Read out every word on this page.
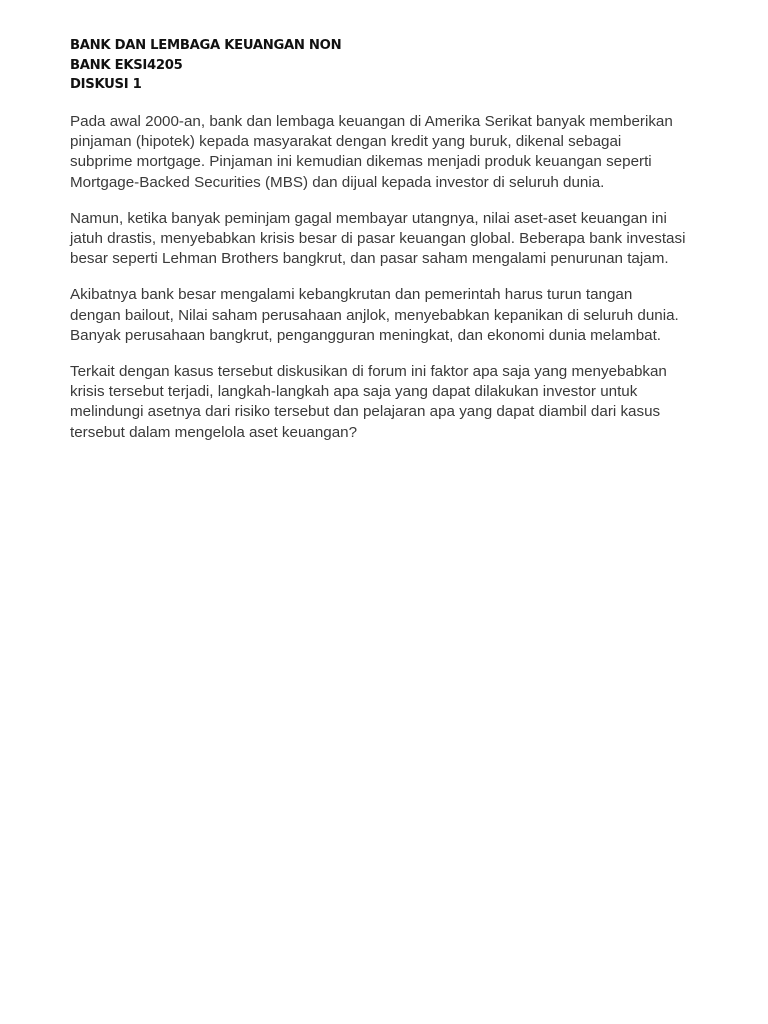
BANK DAN LEMBAGA KEUANGAN NON
BANK EKSI4205
DISKUSI 1

Pada awal 2000-an, bank dan lembaga keuangan di Amerika Serikat banyak memberikan
pinjaman (hipotek) kepada masyarakat dengan kredit yang buruk, dikenal sebagai
subprime mortgage. Pinjaman ini kemudian dikemas menjadi produk keuangan seperti
Mortgage-Backed Securities (MBS) dan dijual kepada investor di seluruh dunia.

Namun, ketika banyak peminjam gagal membayar utangnya, nilai aset-aset keuangan ini
jatuh drastis, menyebabkan krisis besar di pasar keuangan global. Beberapa bank investasi
besar seperti Lehman Brothers bangkrut, dan pasar saham mengalami penurunan tajam.

Akibatnya bank besar mengalami kebangkrutan dan pemerintah harus turun tangan
dengan bailout, Nilai saham perusahaan anjlok, menyebabkan kepanikan di seluruh dunia.
Banyak perusahaan bangkrut, pengangguran meningkat, dan ekonomi dunia melambat.

Terkait dengan kasus tersebut diskusikan di forum ini faktor apa saja yang menyebabkan
krisis tersebut terjadi, langkah-langkah apa saja yang dapat dilakukan investor untuk
melindungi asetnya dari risiko tersebut dan pelajaran apa yang dapat diambil dari kasus
tersebut dalam mengelola aset keuangan?
